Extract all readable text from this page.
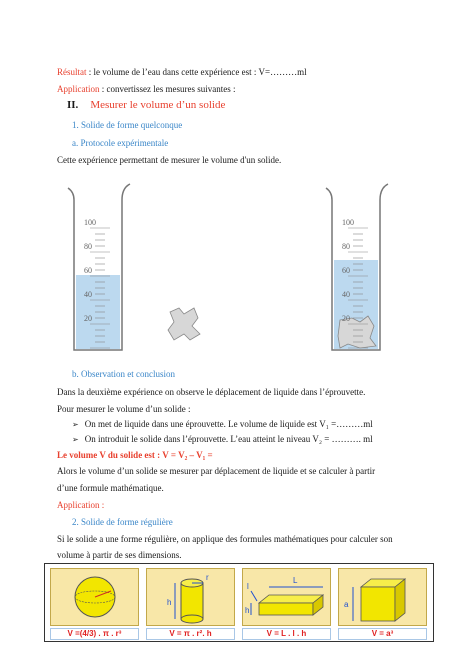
Résultat : le volume de l’eau dans cette expérience est : V=………ml
Application : convertissez les mesures suivantes :
II. Mesurer le volume d’un solide
1. Solide de forme quelconque
a. Protocole expérimentale
Cette expérience permettant de mesurer le volume d'un solide.
100
80
60
40
20
100
80
60
40
20
b. Observation et conclusion
Dans la deuxième expérience on observe le déplacement de liquide dans l’éprouvette.
Pour mesurer le volume d’un solide :
➢ On met de liquide dans une éprouvette. Le volume de liquide est V₁ =………ml
➢ On introduit le solide dans l’éprouvette. L’eau atteint le niveau V₂ = ………. ml
Le volume V du solide est : V = V₂ – V₁ =
Alors le volume d’un solide se mesurer par déplacement de liquide et se calculer à partir
d’une formule mathématique.
Application :
2. Solide de forme régulière
Si le solide a une forme régulière, on applique des formules mathématiques pour calculer son
volume à partir de ses dimensions.
r
h
L
l
h
a
V =(4/3) . π . r³	V = π . r². h	V = L . l . h	V = a³
